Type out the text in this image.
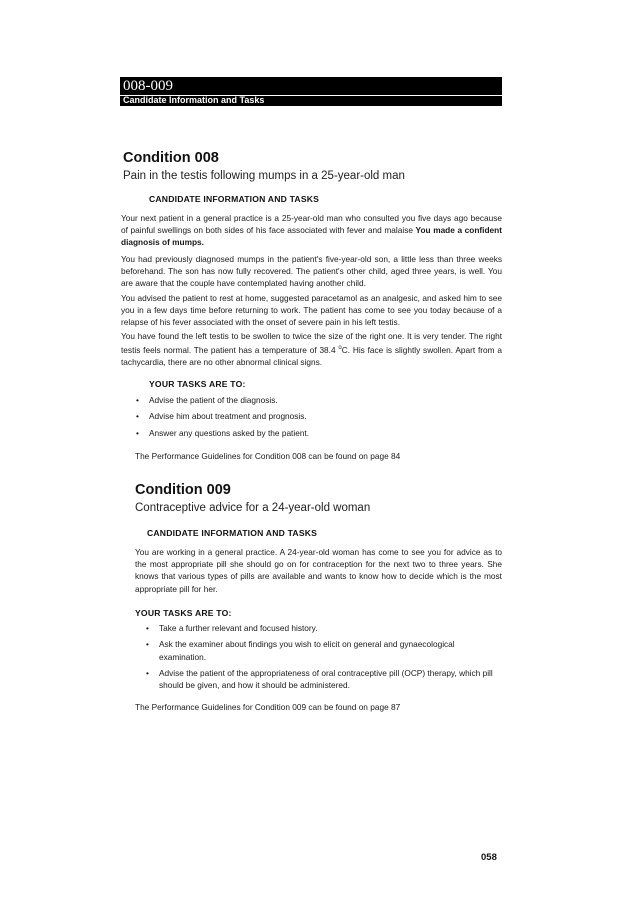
008-009
Candidate Information and Tasks
Condition 008
Pain in the testis following mumps in a 25-year-old man
CANDIDATE INFORMATION AND TASKS

Your next patient in a general practice is a 25-year-old man who consulted you five days ago because of painful swellings on both sides of his face associated with fever and malaise You made a confident diagnosis of mumps.

You had previously diagnosed mumps in the patient's five-year-old son, a little less than three weeks beforehand. The son has now fully recovered. The patient's other child, aged three years, is well. You are aware that the couple have contemplated having another child.

You advised the patient to rest at home, suggested paracetamol as an analgesic, and asked him to see you in a few days time before returning to work. The patient has come to see you today because of a relapse of his fever associated with the onset of severe pain in his left testis.

You have found the left testis to be swollen to twice the size of the right one. It is very tender. The right testis feels normal. The patient has a temperature of 38.4 $^o$C. His face is slightly swollen. Apart from a tachycardia, there are no other abnormal clinical signs.

YOUR TASKS ARE TO:
• Advise the patient of the diagnosis.
• Advise him about treatment and prognosis.
• Answer any questions asked by the patient.
The Performance Guidelines for Condition 008 can be found on page 84
Condition 009
Contraceptive advice for a 24-year-old woman
CANDIDATE INFORMATION AND TASKS

You are working in a general practice. A 24-year-old woman has come to see you for advice as to the most appropriate pill she should go on for contraception for the next two to three years. She knows that various types of pills are available and wants to know how to decide which is the most appropriate pill for her.

YOUR TASKS ARE TO:
• Take a further relevant and focused history.
• Ask the examiner about findings you wish to elicit on general and gynaecological examination.
• Advise the patient of the appropriateness of oral contraceptive pill (OCP) therapy, which pill should be given, and how it should be administered.
The Performance Guidelines for Condition 009 can be found on page 87
058
